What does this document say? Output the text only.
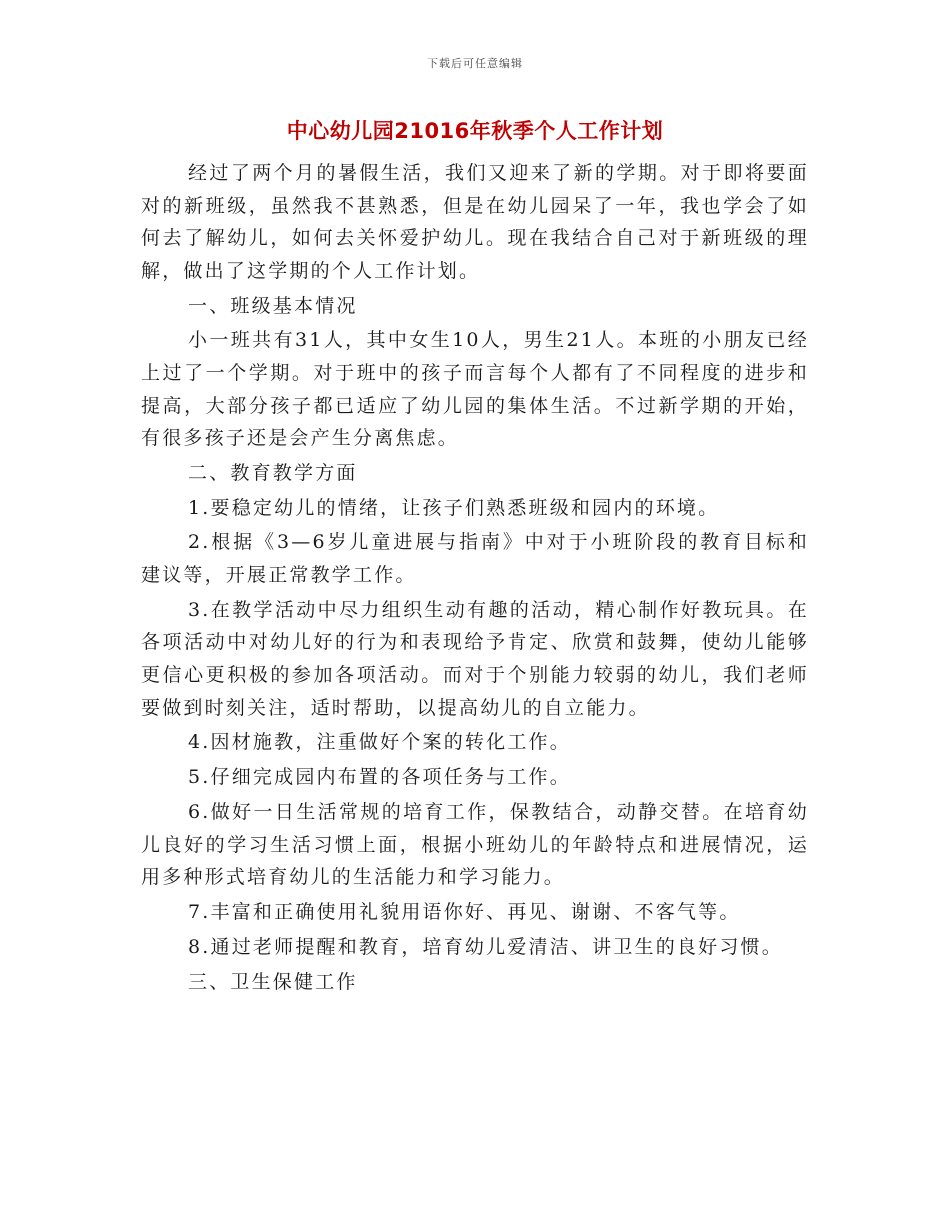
下载后可任意编辑
中心幼儿园21016年秋季个人工作计划

经过了两个月的暑假生活，我们又迎来了新的学期。对于即将要面对的新班级，虽然我不甚熟悉，但是在幼儿园呆了一年，我也学会了如何去了解幼儿，如何去关怀爱护幼儿。现在我结合自己对于新班级的理解，做出了这学期的个人工作计划。

一、班级基本情况

小一班共有31人，其中女生10人，男生21人。本班的小朋友已经上过了一个学期。对于班中的孩子而言每个人都有了不同程度的进步和提高，大部分孩子都已适应了幼儿园的集体生活。不过新学期的开始，有很多孩子还是会产生分离焦虑。

二、教育教学方面

1.要稳定幼儿的情绪，让孩子们熟悉班级和园内的环境。

2.根据《3—6岁儿童进展与指南》中对于小班阶段的教育目标和建议等，开展正常教学工作。

3.在教学活动中尽力组织生动有趣的活动，精心制作好教玩具。在各项活动中对幼儿好的行为和表现给予肯定、欣赏和鼓舞，使幼儿能够更信心更积极的参加各项活动。而对于个别能力较弱的幼儿，我们老师要做到时刻关注，适时帮助，以提高幼儿的自立能力。

4.因材施教，注重做好个案的转化工作。

5.仔细完成园内布置的各项任务与工作。

6.做好一日生活常规的培育工作，保教结合，动静交替。在培育幼儿良好的学习生活习惯上面，根据小班幼儿的年龄特点和进展情况，运用多种形式培育幼儿的生活能力和学习能力。

7.丰富和正确使用礼貌用语你好、再见、谢谢、不客气等。

8.通过老师提醒和教育，培育幼儿爱清洁、讲卫生的良好习惯。

三、卫生保健工作
